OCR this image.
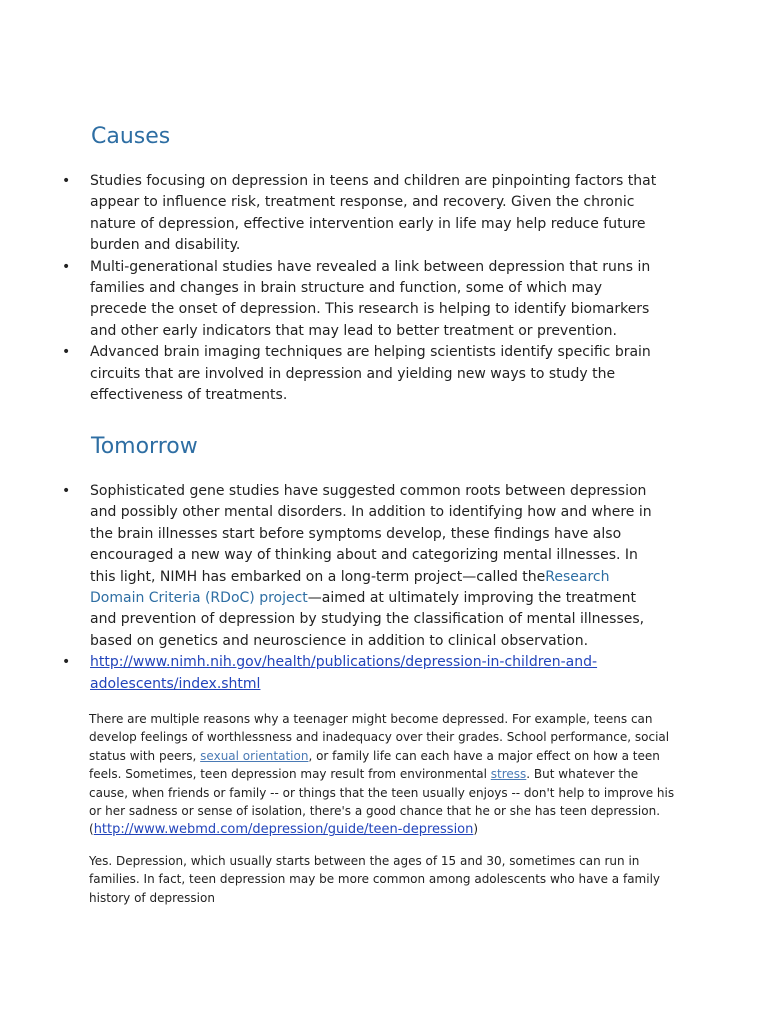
Causes
• Studies focusing on depression in teens and children are pinpointing factors that appear to influence risk, treatment response, and recovery. Given the chronic nature of depression, effective intervention early in life may help reduce future burden and disability.
• Multi-generational studies have revealed a link between depression that runs in families and changes in brain structure and function, some of which may precede the onset of depression. This research is helping to identify biomarkers and other early indicators that may lead to better treatment or prevention.
• Advanced brain imaging techniques are helping scientists identify specific brain circuits that are involved in depression and yielding new ways to study the effectiveness of treatments.
Tomorrow
• Sophisticated gene studies have suggested common roots between depression and possibly other mental disorders. In addition to identifying how and where in the brain illnesses start before symptoms develop, these findings have also encouraged a new way of thinking about and categorizing mental illnesses. In this light, NIMH has embarked on a long-term project—called theResearch Domain Criteria (RDoC) project—aimed at ultimately improving the treatment and prevention of depression by studying the classification of mental illnesses, based on genetics and neuroscience in addition to clinical observation.
• http://www.nimh.nih.gov/health/publications/depression-in-children-and-adolescents/index.shtml

There are multiple reasons why a teenager might become depressed. For example, teens can develop feelings of worthlessness and inadequacy over their grades. School performance, social status with peers, sexual orientation, or family life can each have a major effect on how a teen feels. Sometimes, teen depression may result from environmental stress. But whatever the cause, when friends or family -- or things that the teen usually enjoys -- don't help to improve his or her sadness or sense of isolation, there's a good chance that he or she has teen depression.
(http://www.webmd.com/depression/guide/teen-depression)

Yes. Depression, which usually starts between the ages of 15 and 30, sometimes can run in families. In fact, teen depression may be more common among adolescents who have a family history of depression
